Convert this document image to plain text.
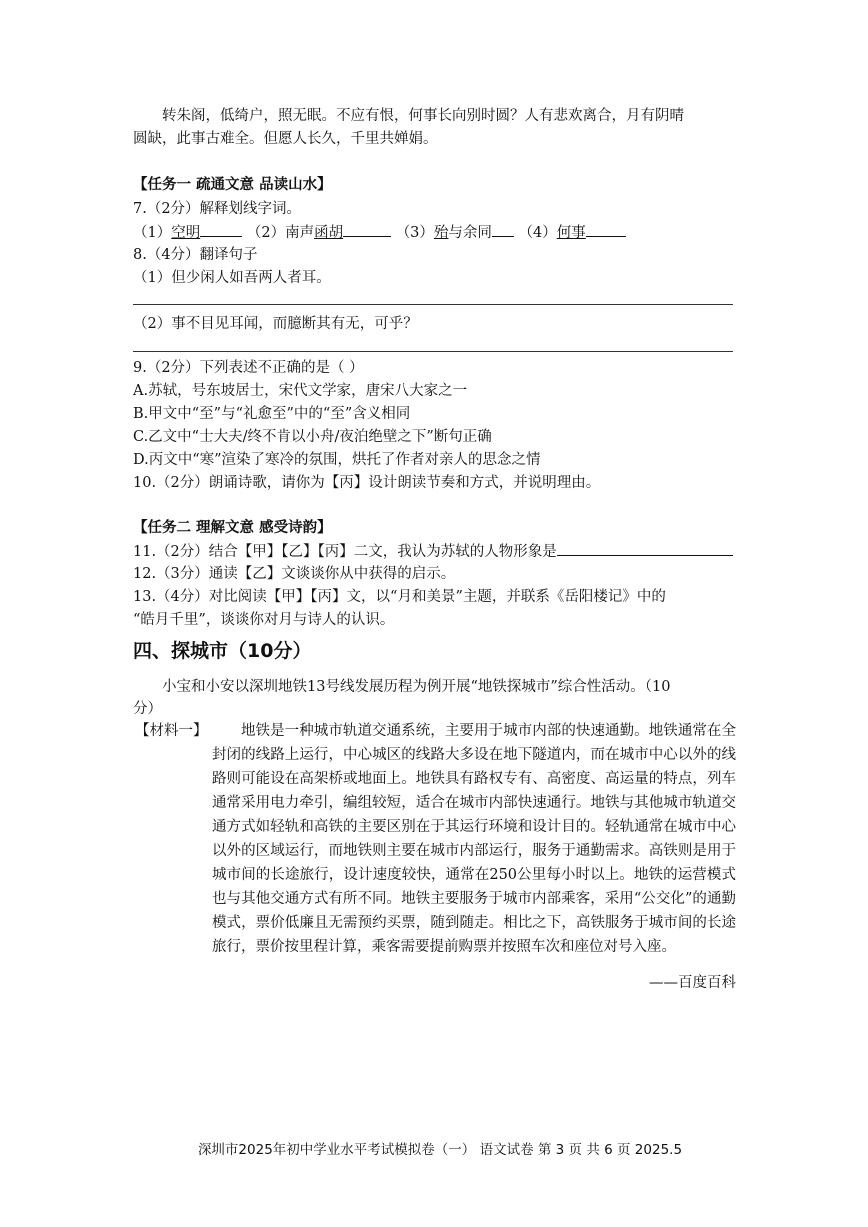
转朱阁，低绮户，照无眠。不应有恨，何事长向别时圆？人有悲欢离合，月有阴晴
圆缺，此事古难全。但愿人长久，千里共婵娟。
【任务一 疏通文意 品读山水】
7.（2分）解释划线字词。
（1）空明	（2）南声函胡	（3）殆与余同 （4）何事
8.（4分）翻译句子
（1）但少闲人如吾两人者耳。
（2）事不目见耳闻，而臆断其有无，可乎？
9.（2分）下列表述不正确的是（ ）
A.苏轼，号东坡居士，宋代文学家，唐宋八大家之一
B.甲文中“至”与“礼愈至”中的“至”含义相同
C.乙文中“士大夫/终不肯以小舟/夜泊绝壁之下”断句正确
D.丙文中“寒”渲染了寒冷的氛围，烘托了作者对亲人的思念之情
10.（2分）朗诵诗歌，请你为【丙】设计朗读节奏和方式，并说明理由。
【任务二 理解文意 感受诗韵】
11.（2分）结合【甲】【乙】【丙】二文，我认为苏轼的人物形象是
12.（3分）通读【乙】文谈谈你从中获得的启示。
13.（4分）对比阅读【甲】【丙】文，以“月和美景”主题，并联系《岳阳楼记》中的
“皓月千里”，谈谈你对月与诗人的认识。
四、探城市（10分）
小宝和小安以深圳地铁13号线发展历程为例开展“地铁探城市”综合性活动。（10
分）
【材料一】	地铁是一种城市轨道交通系统，主要用于城市内部的快速通勤。地铁通常在全封闭的线路上运行，中心城区的线路大多设在地下隧道内，而在城市中心以外的线路则可能设在高架桥或地面上。地铁具有路权专有、高密度、高运量的特点，列车通常采用电力牵引，编组较短，适合在城市内部快速通行。地铁与其他城市轨道交通方式如轻轨和高铁的主要区别在于其运行环境和设计目的。轻轨通常在城市中心以外的区域运行，而地铁则主要在城市内部运行，服务于通勤需求。高铁则是用于城市间的长途旅行，设计速度较快，通常在250公里每小时以上。地铁的运营模式也与其他交通方式有所不同。地铁主要服务于城市内部乘客，采用“公交化”的通勤模式，票价低廉且无需预约买票，随到随走。相比之下，高铁服务于城市间的长途旅行，票价按里程计算，乘客需要提前购票并按照车次和座位对号入座。
——百度百科
深圳市2025年初中学业水平考试模拟卷（一） 语文试卷 第 3 页 共 6 页 2025.5
